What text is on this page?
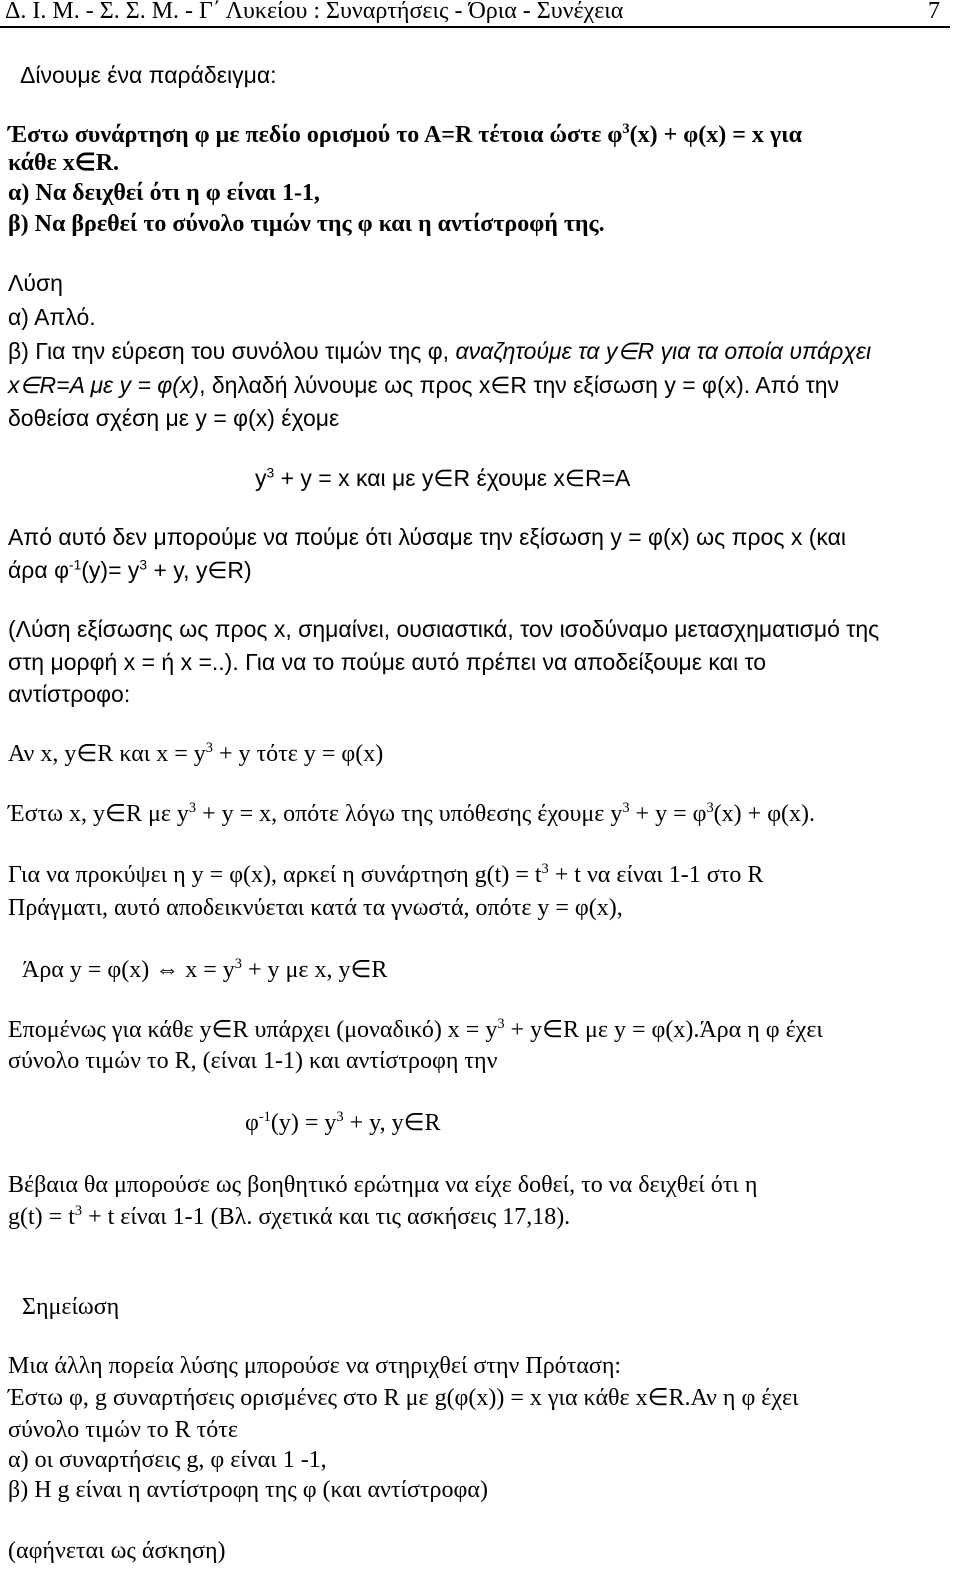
Δ. Ι. Μ. - Σ. Σ. Μ. - Γ΄ Λυκείου : Συναρτήσεις - Όρια - Συνέχεια	7
Δίνουμε ένα παράδειγμα:
Έστω συνάρτηση φ με πεδίο ορισμού το Α=R τέτοια ώστε $\varphi^3(x) + \varphi(x) = x$ για
κάθε x∈R.
α) Να δειχθεί ότι η φ είναι 1-1,
β) Να βρεθεί το σύνολο τιμών της φ και η αντίστροφή της.
Λύση
α) Απλό.
β) Για την εύρεση του συνόλου τιμών της φ, αναζητούμε τα y∈R για τα οποία υπάρχει
x∈R=A με y = φ(x), δηλαδή λύνουμε ως προς x∈R την εξίσωση y = φ(x). Από την
δοθείσα σχέση με y = φ(x) έχομε
$y^3 + y = x$ και με y∈R έχουμε x∈R=A
Από αυτό δεν μπορούμε να πούμε ότι λύσαμε την εξίσωση y = φ(x) ως προς x (και
άρα $\varphi^{-1}(y)= y^3 + y$, y∈R)
(Λύση εξίσωσης ως προς x, σημαίνει, ουσιαστικά, τον ισοδύναμο μετασχηματισμό της
στη μορφή x = ή x =..). Για να το πούμε αυτό πρέπει να αποδείξουμε και το
αντίστροφο:
Αν x, y∈R και $x = y^3 + y$ τότε y = φ(x)
Έστω x, y∈R με $y^3 + y = x$, οπότε λόγω της υπόθεσης έχουμε $y^3 + y = \varphi^3(x) + \varphi(x)$.
Για να προκύψει η y = φ(x), αρκεί η συνάρτηση $g(t) = t^3 + t$ να είναι 1-1 στο R
Πράγματι, αυτό αποδεικνύεται κατά τα γνωστά, οπότε y = φ(x),
Άρα y = φ(x) ⇔ $x = y^3 + y$ με x, y∈R
Επομένως για κάθε y∈R υπάρχει (μοναδικό) $x = y^3$ + y∈R με y = φ(x).Άρα η φ έχει
σύνολο τιμών το R, (είναι 1-1) και αντίστροφη την
$\varphi^{-1}(y) = y^3 + y$, y∈R
Βέβαια θα μπορούσε ως βοηθητικό ερώτημα να είχε δοθεί, το να δειχθεί ότι η
$g(t) = t^3 + t$ είναι 1-1 (Βλ. σχετικά και τις ασκήσεις 17,18).
Σημείωση
Μια άλλη πορεία λύσης μπορούσε να στηριχθεί στην Πρόταση:
Έστω φ, g συναρτήσεις ορισμένες στο R με g(φ(x)) = x για κάθε x∈R.Αν η φ έχει
σύνολο τιμών το R τότε
α) οι συναρτήσεις g, φ είναι 1 -1,
β) Η g είναι η αντίστροφη της φ (και αντίστροφα)
(αφήνεται ως άσκηση)
